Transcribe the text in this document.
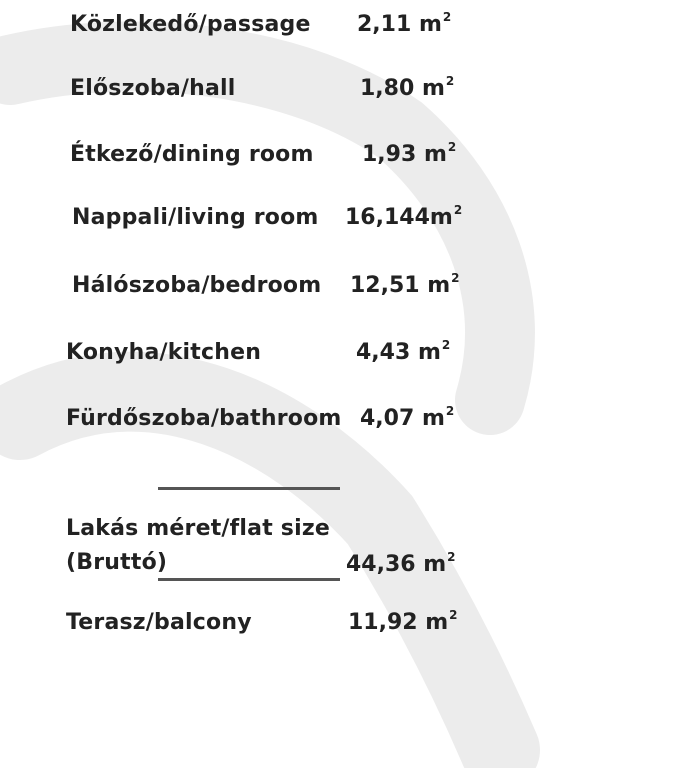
Közlekedő/passage 2,11 $m^2$
Előszoba/hall	1,80 $m^2$
Étkező/dining room 1,93 $m^2$
Nappali/living room $16,144m^2$
Hálószoba/bedroom 12,51 $m^2$
Konyha/kitchen	4,43 $m^2$
Fürdőszoba/bathroom 4,07 $m^2$
Lakás méret/flat size
(Bruttó)	44,36 $m^2$
Terasz/balcony	11,92 $m^2$
